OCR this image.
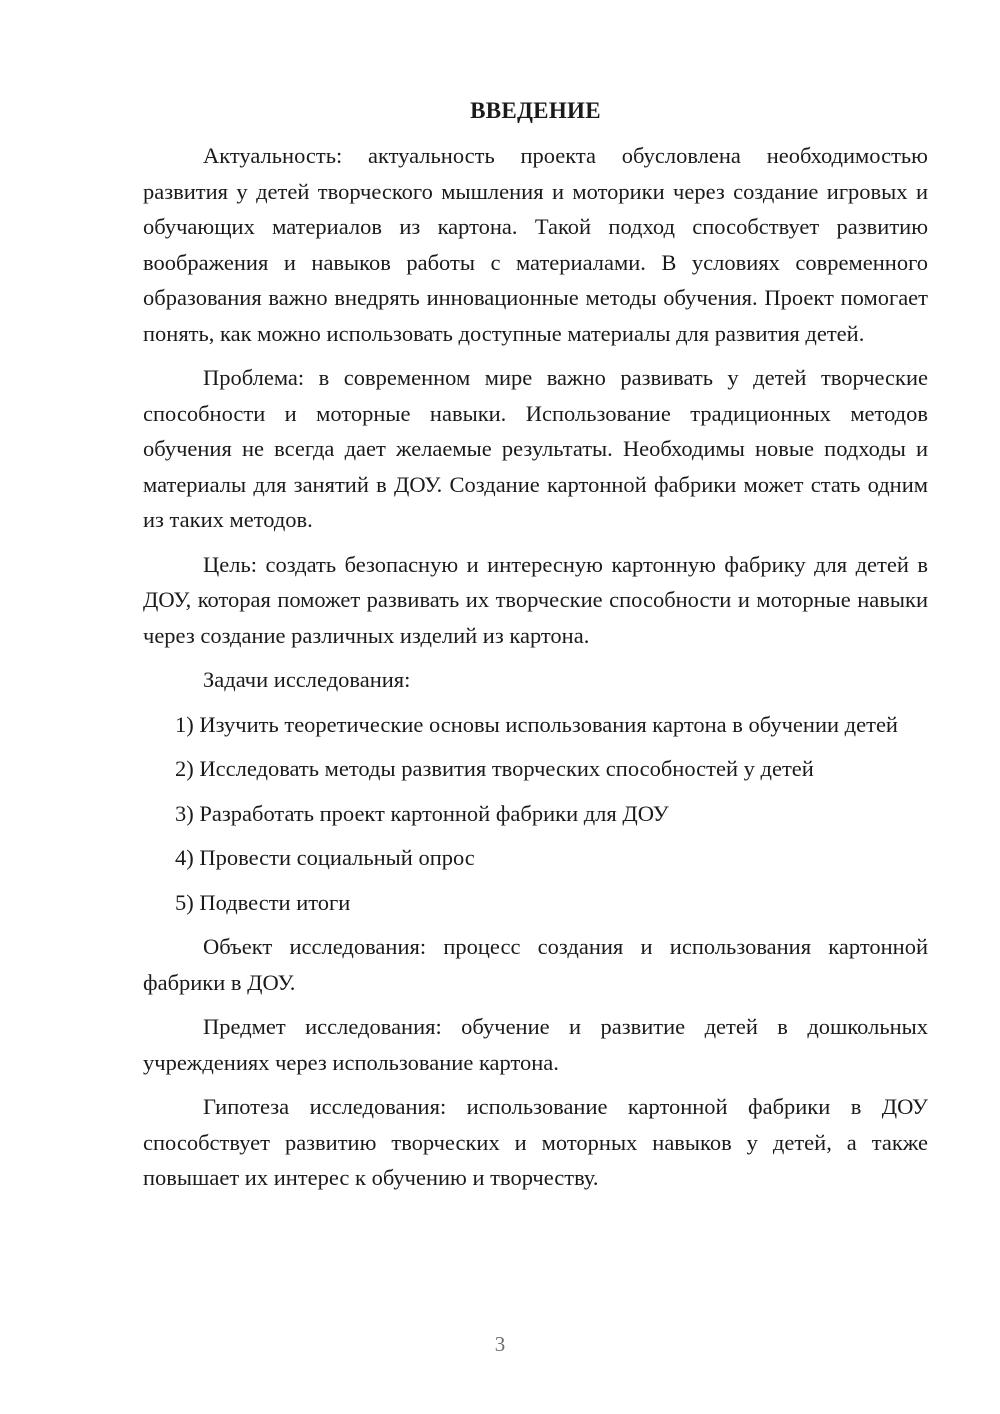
ВВЕДЕНИЕ

Актуальность: актуальность проекта обусловлена необходимостью развития у детей творческого мышления и моторики через создание игровых и обучающих материалов из картона. Такой подход способствует развитию воображения и навыков работы с материалами. В условиях современного образования важно внедрять инновационные методы обучения. Проект помогает понять, как можно использовать доступные материалы для развития детей.

Проблема: в современном мире важно развивать у детей творческие способности и моторные навыки. Использование традиционных методов обучения не всегда дает желаемые результаты. Необходимы новые подходы и материалы для занятий в ДОУ. Создание картонной фабрики может стать одним из таких методов.

Цель: создать безопасную и интересную картонную фабрику для детей в ДОУ, которая поможет развивать их творческие способности и моторные навыки через создание различных изделий из картона.

Задачи исследования:

1) Изучить теоретические основы использования картона в обучении детей

2) Исследовать методы развития творческих способностей у детей

3) Разработать проект картонной фабрики для ДОУ

4) Провести социальный опрос

5) Подвести итоги

Объект исследования: процесс создания и использования картонной фабрики в ДОУ.

Предмет исследования: обучение и развитие детей в дошкольных учреждениях через использование картона.

Гипотеза исследования: использование картонной фабрики в ДОУ способствует развитию творческих и моторных навыков у детей, а также повышает их интерес к обучению и творчеству.

3
